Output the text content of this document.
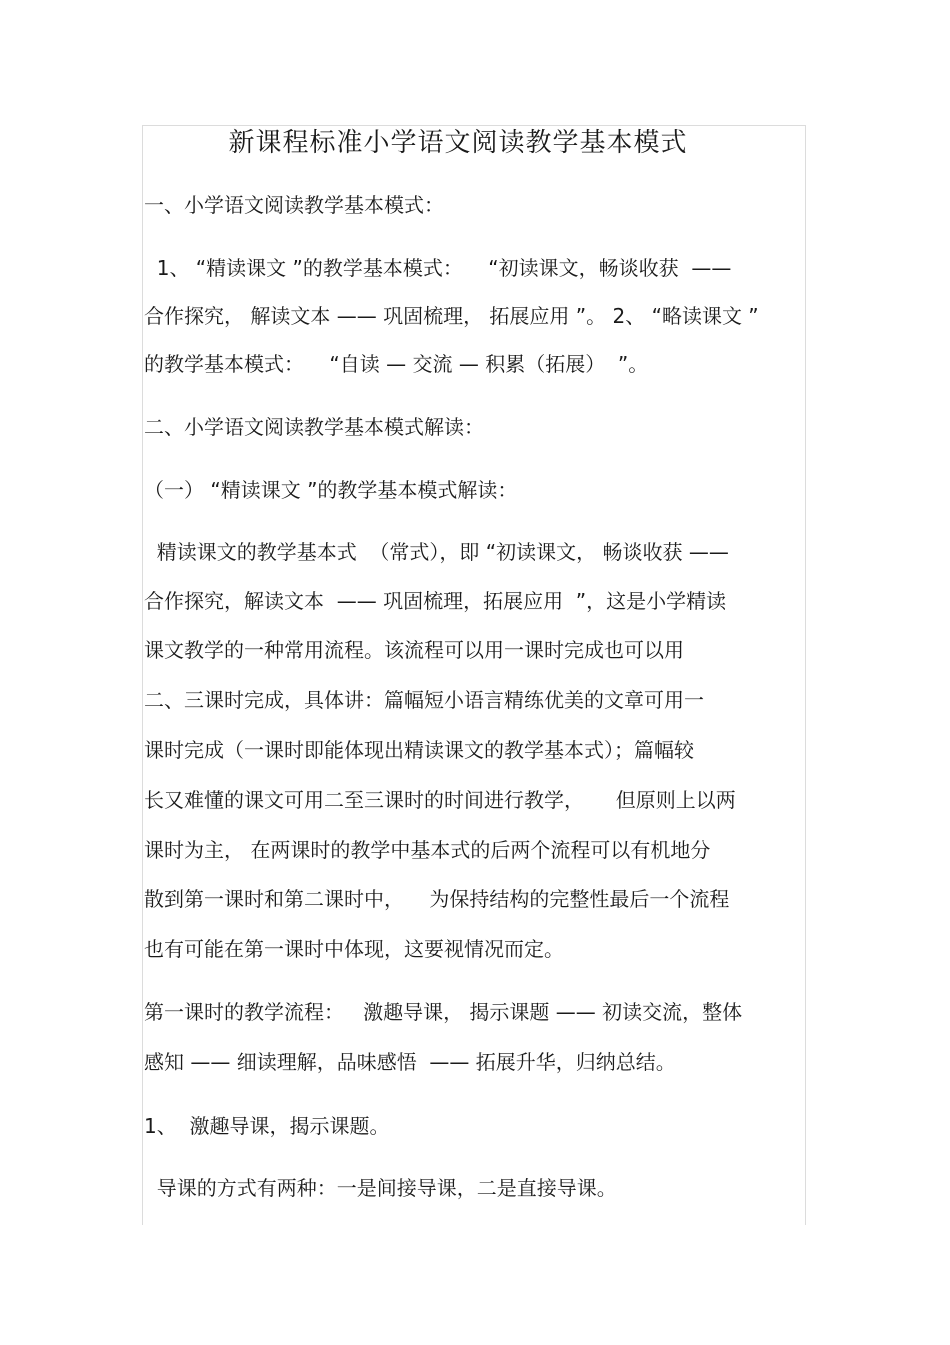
新课程标准小学语文阅读教学基本模式
一、小学语文阅读教学基本模式：
1、 “精读课文 ”的教学基本模式：    “初读课文，畅谈收获  ——
合作探究， 解读文本 —— 巩固梳理， 拓展应用 ”。 2、 “略读课文 ”
的教学基本模式：    “自读 — 交流 — 积累（拓展）  ”。
二、小学语文阅读教学基本模式解读：
（一） “精读课文 ”的教学基本模式解读：
精读课文的教学基本式  （常式），即 “初读课文， 畅谈收获 ——
合作探究，解读文本  —— 巩固梳理，拓展应用  ”，这是小学精读
课文教学的一种常用流程。该流程可以用一课时完成也可以用
二、三课时完成，具体讲：篇幅短小语言精练优美的文章可用一
课时完成（一课时即能体现出精读课文的教学基本式）；篇幅较
长又难懂的课文可用二至三课时的时间进行教学，     但原则上以两
课时为主， 在两课时的教学中基本式的后两个流程可以有机地分
散到第一课时和第二课时中，    为保持结构的完整性最后一个流程
也有可能在第一课时中体现，这要视情况而定。
第一课时的教学流程：   激趣导课， 揭示课题 —— 初读交流，整体
感知 —— 细读理解，品味感悟  —— 拓展升华，归纳总结。
1、  激趣导课，揭示课题。
导课的方式有两种：一是间接导课，二是直接导课。
